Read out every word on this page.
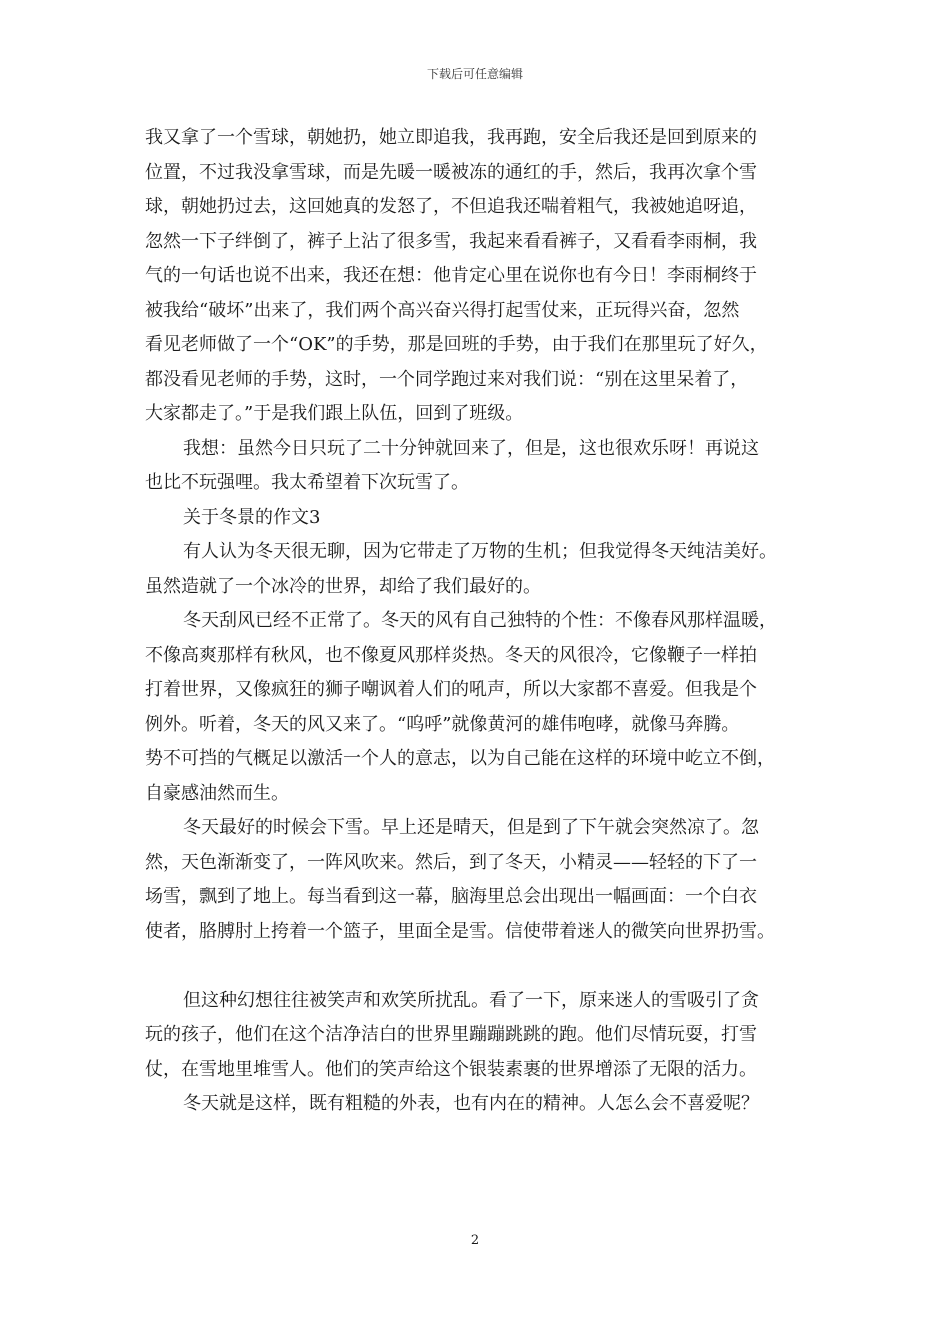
下载后可任意编辑

我又拿了一个雪球，朝她扔，她立即追我，我再跑，安全后我还是回到原来的
位置，不过我没拿雪球，而是先暖一暖被冻的通红的手，然后，我再次拿个雪
球，朝她扔过去，这回她真的发怒了，不但追我还喘着粗气，我被她追呀追，
忽然一下子绊倒了，裤子上沾了很多雪，我起来看看裤子，又看看李雨桐，我
气的一句话也说不出来，我还在想：他肯定心里在说你也有今日！李雨桐终于
被我给“破坏”出来了，我们两个高兴奋兴得打起雪仗来，正玩得兴奋，忽然
看见老师做了一个“OK”的手势，那是回班的手势，由于我们在那里玩了好久，
都没看见老师的手势，这时，一个同学跑过来对我们说：“别在这里呆着了，
大家都走了。”于是我们跟上队伍，回到了班级。

我想：虽然今日只玩了二十分钟就回来了，但是，这也很欢乐呀！再说这
也比不玩强哩。我太希望着下次玩雪了。

关于冬景的作文3

有人认为冬天很无聊，因为它带走了万物的生机；但我觉得冬天纯洁美好。
虽然造就了一个冰冷的世界，却给了我们最好的。

冬天刮风已经不正常了。冬天的风有自己独特的个性：不像春风那样温暖，
不像高爽那样有秋风，也不像夏风那样炎热。冬天的风很冷，它像鞭子一样拍
打着世界，又像疯狂的狮子嘲讽着人们的吼声，所以大家都不喜爱。但我是个
例外。听着，冬天的风又来了。“呜呼”就像黄河的雄伟咆哮，就像马奔腾。
势不可挡的气概足以激活一个人的意志，以为自己能在这样的环境中屹立不倒，
自豪感油然而生。

冬天最好的时候会下雪。早上还是晴天，但是到了下午就会突然凉了。忽
然，天色渐渐变了，一阵风吹来。然后，到了冬天，小精灵——轻轻的下了一
场雪，飘到了地上。每当看到这一幕，脑海里总会出现出一幅画面：一个白衣
使者，胳膊肘上挎着一个篮子，里面全是雪。信使带着迷人的微笑向世界扔雪。

但这种幻想往往被笑声和欢笑所扰乱。看了一下，原来迷人的雪吸引了贪
玩的孩子，他们在这个洁净洁白的世界里蹦蹦跳跳的跑。他们尽情玩耍，打雪
仗，在雪地里堆雪人。他们的笑声给这个银装素裹的世界增添了无限的活力。

冬天就是这样，既有粗糙的外表，也有内在的精神。人怎么会不喜爱呢？

2
